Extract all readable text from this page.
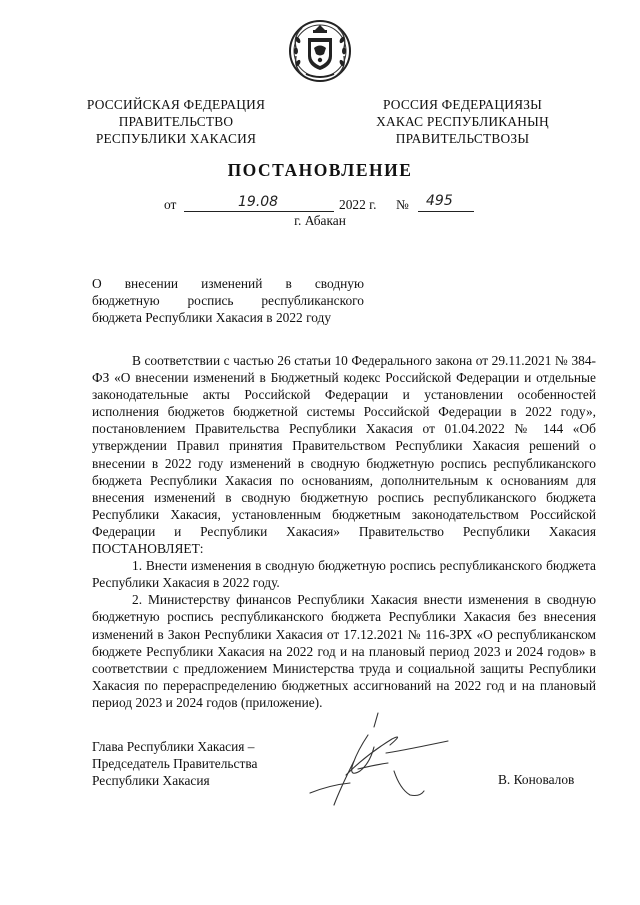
РОССИЙСКАЯ ФЕДЕРАЦИЯ
ПРАВИТЕЛЬСТВО
РЕСПУБЛИКИ ХАКАСИЯ
РОССИЯ ФЕДЕРАЦИЯЗЫ
ХАКАС РЕСПУБЛИКАНЫҢ
ПРАВИТЕЛЬСТВОЗЫ
ПОСТАНОВЛЕНИЕ
от	19.08	2022 г. № 495
г. Абакан
О внесении изменений в сводную
бюджетную роспись республиканского
бюджета Республики Хакасия в 2022 году

В соответствии с частью 26 статьи 10 Федерального закона от 29.11.2021 № 384-ФЗ «О внесении изменений в Бюджетный кодекс Российской Федерации и отдельные законодательные акты Российской Федерации и установлении особенностей исполнения бюджетов бюджетной системы Российской Федерации в 2022 году», постановлением Правительства Республики Хакасия от 01.04.2022 № 144 «Об утверждении Правил принятия Правительством Республики Хакасия решений о внесении в 2022 году изменений в сводную бюджетную роспись республиканского бюджета Республики Хакасия по основаниям, дополнительным к основаниям для внесения изменений в сводную бюджетную роспись республиканского бюджета Республики Хакасия, установленным бюджетным законодательством Российской Федерации и Республики Хакасия» Правительство Республики Хакасия ПОСТАНОВЛЯЕТ:

1. Внести изменения в сводную бюджетную роспись республиканского бюджета Республики Хакасия в 2022 году.

2. Министерству финансов Республики Хакасия внести изменения в сводную бюджетную роспись республиканского бюджета Республики Хакасия без внесения изменений в Закон Республики Хакасия от 17.12.2021 № 116-ЗРХ «О республиканском бюджете Республики Хакасия на 2022 год и на плановый период 2023 и 2024 годов» в соответствии с предложением Министерства труда и социальной защиты Республики Хакасия по перераспределению бюджетных ассигнований на 2022 год и на плановый период 2023 и 2024 годов (приложение).

Глава Республики Хакасия –
Председатель Правительства
Республики Хакасия	В. Коновалов
